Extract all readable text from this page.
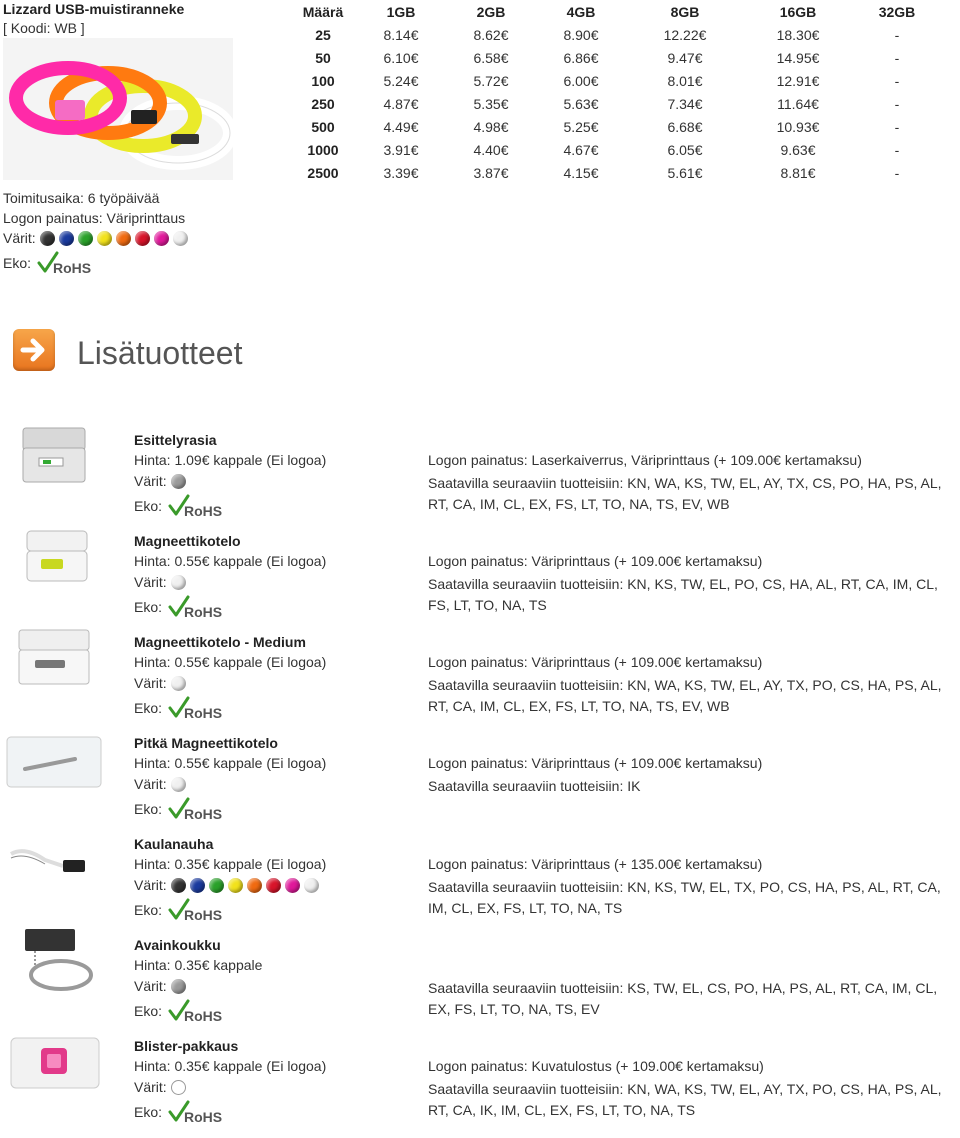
Lizzard USB-muistiranneke
[ Koodi: WB ]
Toimitusaika: 6 työpäivää
Logon painatus: Väriprinttaus
Värit:
Eko: RoHS
Määrä	1GB	2GB	4GB	8GB	16GB	32GB
25	8.14€	8.62€	8.90€	12.22€	18.30€	-
50	6.10€	6.58€	6.86€	9.47€	14.95€	-
100	5.24€	5.72€	6.00€	8.01€	12.91€	-
250	4.87€	5.35€	5.63€	7.34€	11.64€	-
500	4.49€	4.98€	5.25€	6.68€	10.93€	-
1000	3.91€	4.40€	4.67€	6.05€	9.63€	-
2500	3.39€	3.87€	4.15€	5.61€	8.81€	-
Lisätuotteet
Esittelyrasia
Hinta: 1.09€ kappale (Ei logoa)
Värit:
Eko: RoHS
Logon painatus: Laserkaiverrus, Väriprinttaus (+ 109.00€ kertamaksu)
Saatavilla seuraaviin tuotteisiin: KN, WA, KS, TW, EL, AY, TX, CS, PO, HA, PS, AL, RT, CA, IM, CL, EX, FS, LT, TO, NA, TS, EV, WB
Magneettikotelo
Hinta: 0.55€ kappale (Ei logoa)
Värit:
Eko: RoHS
Logon painatus: Väriprinttaus (+ 109.00€ kertamaksu)
Saatavilla seuraaviin tuotteisiin: KN, KS, TW, EL, PO, CS, HA, AL, RT, CA, IM, CL, FS, LT, TO, NA, TS
Magneettikotelo - Medium
Hinta: 0.55€ kappale (Ei logoa)
Värit:
Eko: RoHS
Logon painatus: Väriprinttaus (+ 109.00€ kertamaksu)
Saatavilla seuraaviin tuotteisiin: KN, WA, KS, TW, EL, AY, TX, PO, CS, HA, PS, AL, RT, CA, IM, CL, EX, FS, LT, TO, NA, TS, EV, WB
Pitkä Magneettikotelo
Hinta: 0.55€ kappale (Ei logoa)
Värit:
Eko: RoHS
Logon painatus: Väriprinttaus (+ 109.00€ kertamaksu)
Saatavilla seuraaviin tuotteisiin: IK
Kaulanauha
Hinta: 0.35€ kappale (Ei logoa)
Värit:
Eko: RoHS
Logon painatus: Väriprinttaus (+ 135.00€ kertamaksu)
Saatavilla seuraaviin tuotteisiin: KN, KS, TW, EL, TX, PO, CS, HA, PS, AL, RT, CA, IM, CL, EX, FS, LT, TO, NA, TS
Avainkoukku
Hinta: 0.35€ kappale
Värit:
Eko: RoHS
Saatavilla seuraaviin tuotteisiin: KS, TW, EL, CS, PO, HA, PS, AL, RT, CA, IM, CL, EX, FS, LT, TO, NA, TS, EV
Blister-pakkaus
Hinta: 0.35€ kappale (Ei logoa)
Värit:
Eko: RoHS
Logon painatus: Kuvatulostus (+ 109.00€ kertamaksu)
Saatavilla seuraaviin tuotteisiin: KN, WA, KS, TW, EL, AY, TX, PO, CS, HA, PS, AL, RT, CA, IK, IM, CL, EX, FS, LT, TO, NA, TS
